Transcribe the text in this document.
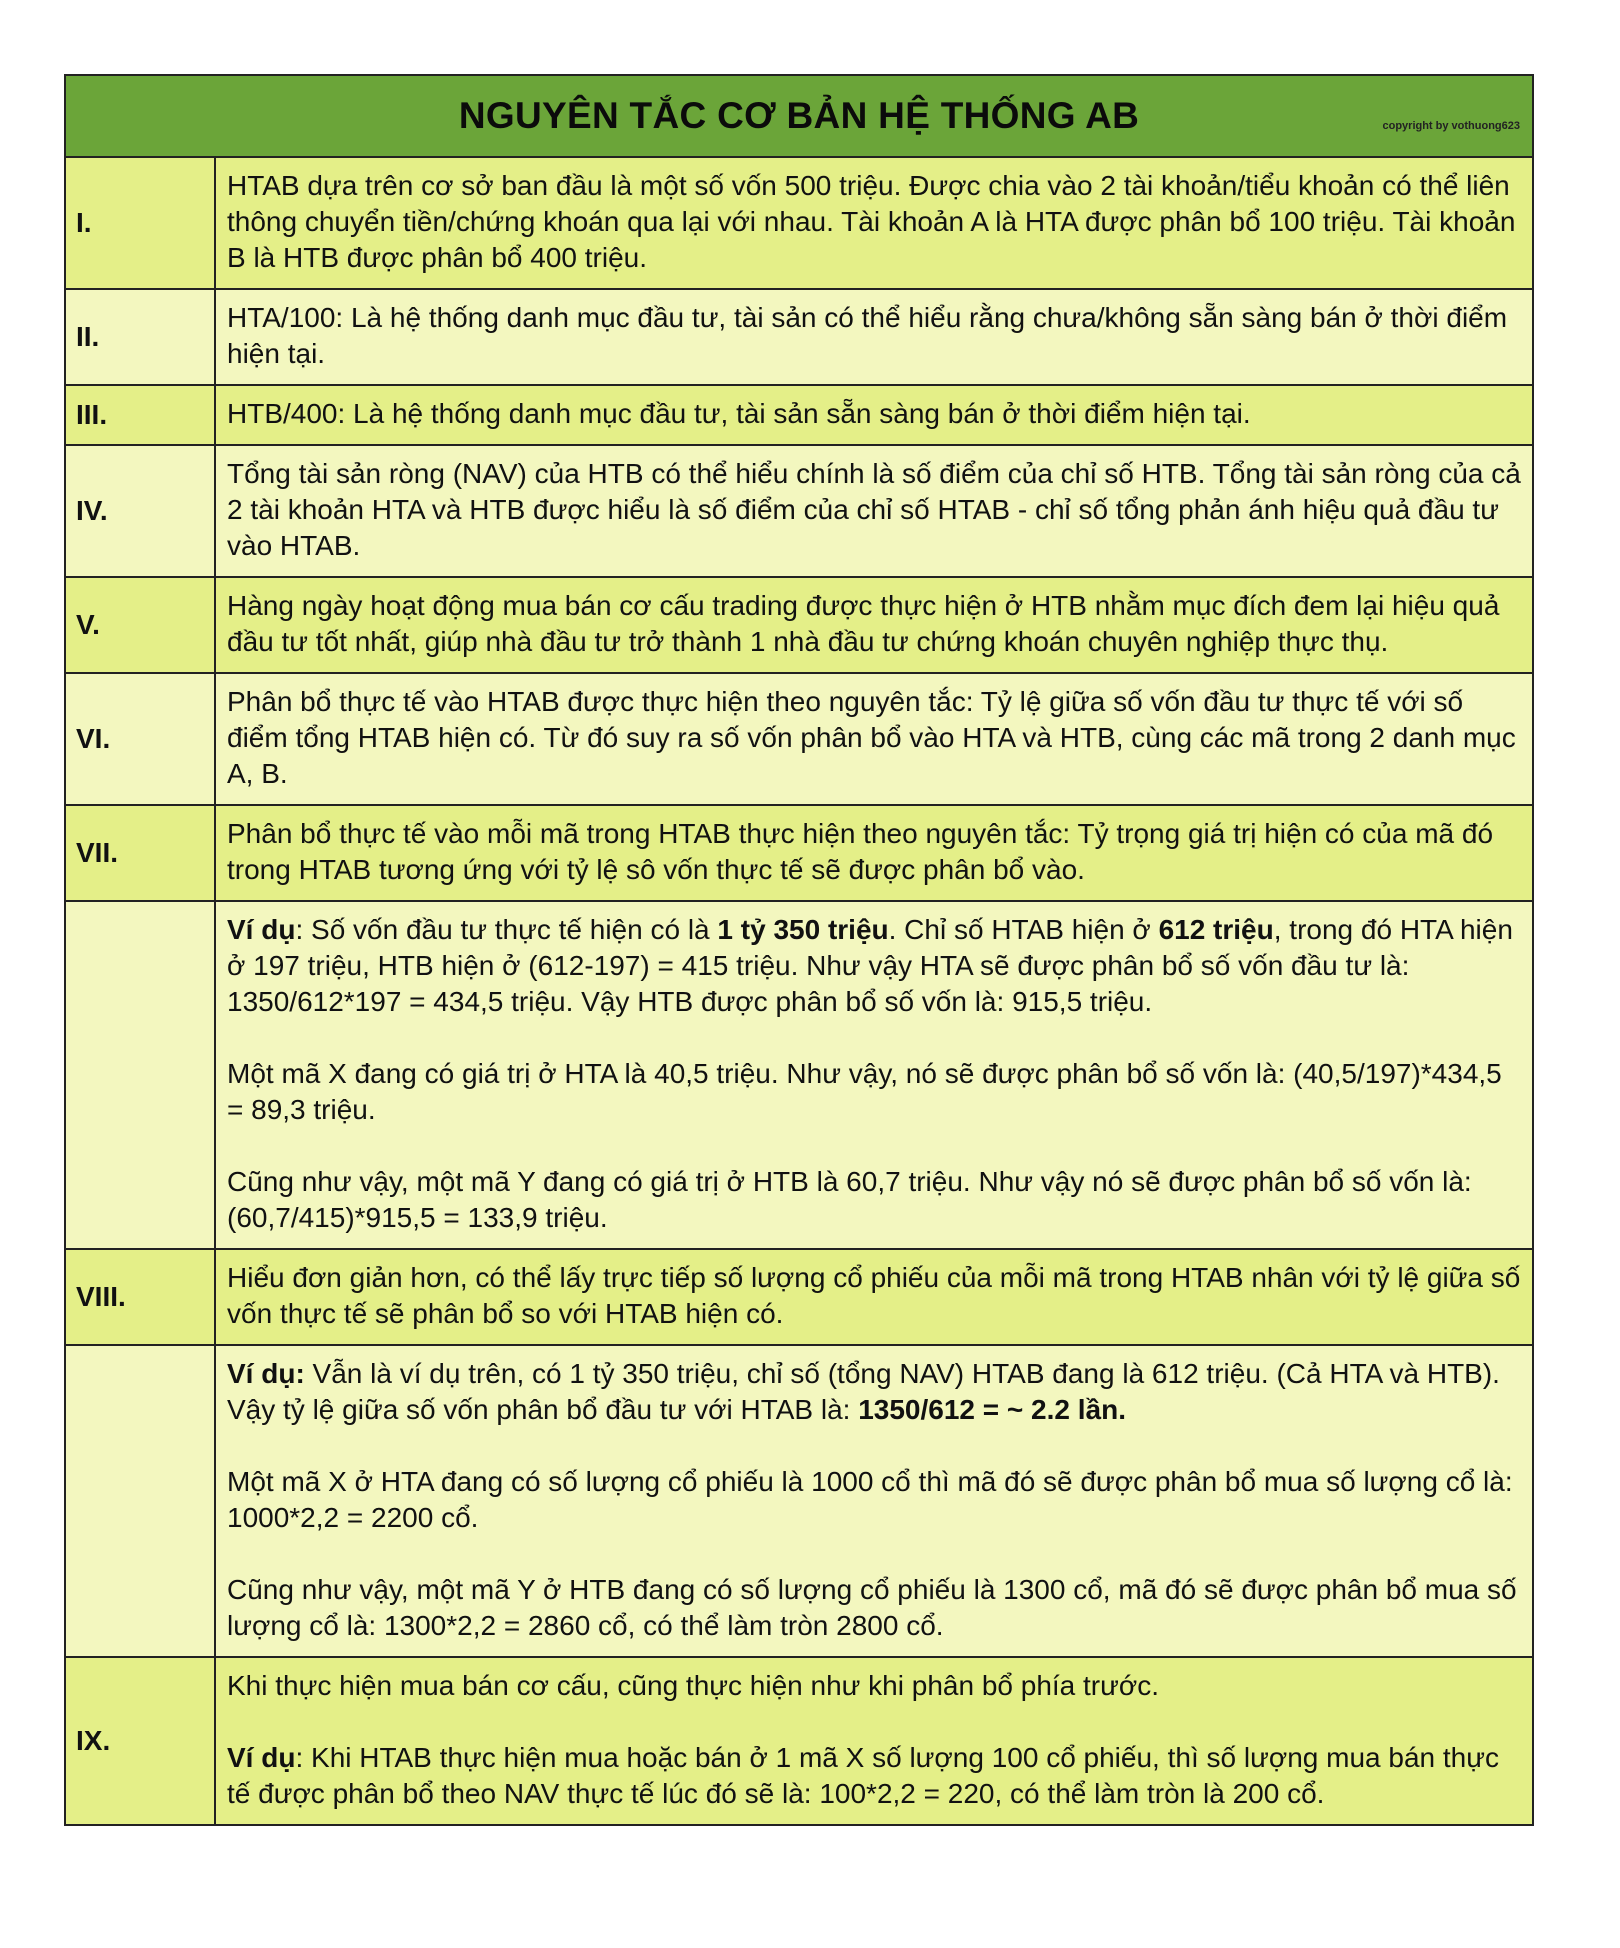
NGUYÊN TẮC CƠ BẢN HỆ THỐNG AB copyright by vothuong623	

I.	HTAB dựa trên cơ sở ban đầu là một số vốn 500 triệu. Được chia vào 2 tài khoản/tiểu khoản có thể liên thông chuyển tiền/chứng khoán qua lại với nhau. Tài khoản A là HTA được phân bổ 100 triệu. Tài khoản B là HTB được phân bổ 400 triệu.

II.	HTA/100: Là hệ thống danh mục đầu tư, tài sản có thể hiểu rằng chưa/không sẵn sàng bán ở thời điểm hiện tại.

III.	HTB/400: Là hệ thống danh mục đầu tư, tài sản sẵn sàng bán ở thời điểm hiện tại.

IV.	Tổng tài sản ròng (NAV) của HTB có thể hiểu chính là số điểm của chỉ số HTB. Tổng tài sản ròng của cả 2 tài khoản HTA và HTB được hiểu là số điểm của chỉ số HTAB - chỉ số tổng phản ánh hiệu quả đầu tư vào HTAB.

V.	Hàng ngày hoạt động mua bán cơ cấu trading được thực hiện ở HTB nhằm mục đích đem lại hiệu quả đầu tư tốt nhất, giúp nhà đầu tư trở thành 1 nhà đầu tư chứng khoán chuyên nghiệp thực thụ.

VI.	Phân bổ thực tế vào HTAB được thực hiện theo nguyên tắc: Tỷ lệ giữa số vốn đầu tư thực tế với số điểm tổng HTAB hiện có. Từ đó suy ra số vốn phân bổ vào HTA và HTB, cùng các mã trong 2 danh mục A, B.

VII.	Phân bổ thực tế vào mỗi mã trong HTAB thực hiện theo nguyên tắc: Tỷ trọng giá trị hiện có của mã đó trong HTAB tương ứng với tỷ lệ sô vốn thực tế sẽ được phân bổ vào.

	Ví dụ: Số vốn đầu tư thực tế hiện có là 1 tỷ 350 triệu. Chỉ số HTAB hiện ở 612 triệu, trong đó HTA hiện ở 197 triệu, HTB hiện ở (612-197) = 415 triệu. Như vậy HTA sẽ được phân bổ số vốn đầu tư là: 1350/612*197 = 434,5 triệu. Vậy HTB được phân bổ số vốn là: 915,5 triệu.

Một mã X đang có giá trị ở HTA là 40,5 triệu. Như vậy, nó sẽ được phân bổ số vốn là: (40,5/197)*434,5 = 89,3 triệu.

Cũng như vậy, một mã Y đang có giá trị ở HTB là 60,7 triệu. Như vậy nó sẽ được phân bổ số vốn là: (60,7/415)*915,5 = 133,9 triệu.

VIII.	Hiểu đơn giản hơn, có thể lấy trực tiếp số lượng cổ phiếu của mỗi mã trong HTAB nhân với tỷ lệ giữa số vốn thực tế sẽ phân bổ so với HTAB hiện có.

	Ví dụ: Vẫn là ví dụ trên, có 1 tỷ 350 triệu, chỉ số (tổng NAV) HTAB đang là 612 triệu. (Cả HTA và HTB). Vậy tỷ lệ giữa số vốn phân bổ đầu tư với HTAB là: 1350/612 = ~ 2.2 lần.

Một mã X ở HTA đang có số lượng cổ phiếu là 1000 cổ thì mã đó sẽ được phân bổ mua số lượng cổ là: 1000*2,2 = 2200 cổ.

Cũng như vậy, một mã Y ở HTB đang có số lượng cổ phiếu là 1300 cổ, mã đó sẽ được phân bổ mua số lượng cổ là: 1300*2,2 = 2860 cổ, có thể làm tròn 2800 cổ.

IX.	Khi thực hiện mua bán cơ cấu, cũng thực hiện như khi phân bổ phía trước.

Ví dụ: Khi HTAB thực hiện mua hoặc bán ở 1 mã X số lượng 100 cổ phiếu, thì số lượng mua bán thực tế được phân bổ theo NAV thực tế lúc đó sẽ là: 100*2,2 = 220, có thể làm tròn là 200 cổ.
